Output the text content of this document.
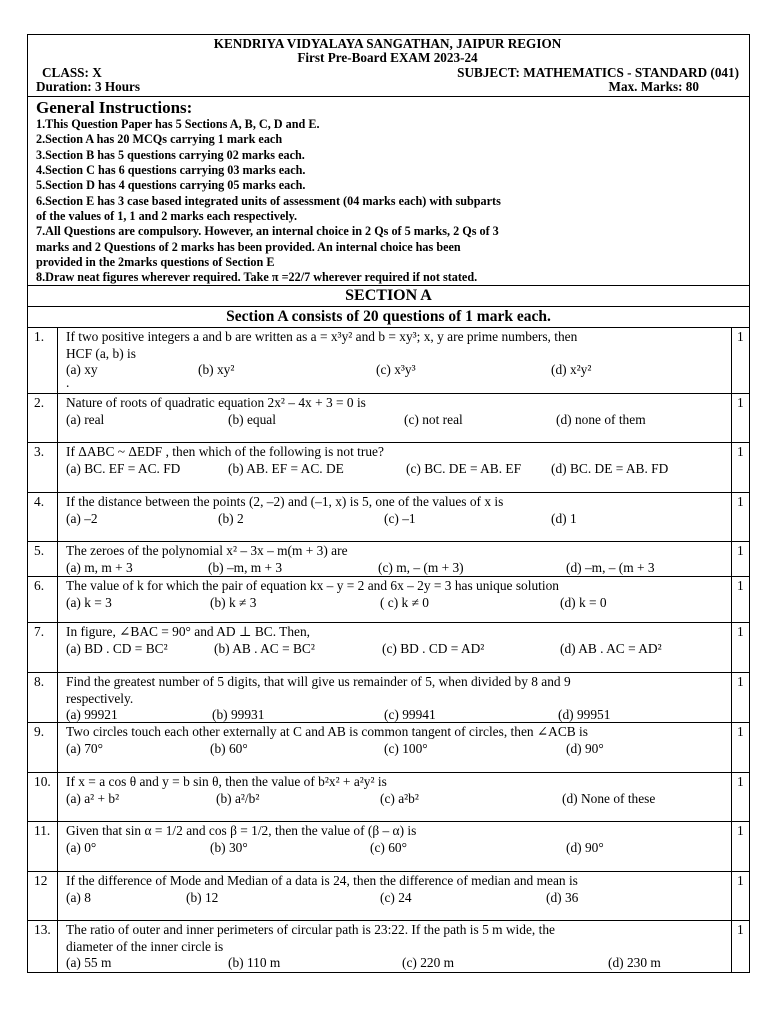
KENDRIYA VIDYALAYA SANGATHAN, JAIPUR REGION
First Pre-Board EXAM 2023-24
CLASS: X	SUBJECT: MATHEMATICS - STANDARD (041)
Duration: 3 Hours	Max. Marks: 80
General Instructions:
1.This Question Paper has 5 Sections A, B, C, D and E.
2.Section A has 20 MCQs carrying 1 mark each
3.Section B has 5 questions carrying 02 marks each.
4.Section C has 6 questions carrying 03 marks each.
5.Section D has 4 questions carrying 05 marks each.
6.Section E has 3 case based integrated units of assessment (04 marks each) with subparts
of the values of 1, 1 and 2 marks each respectively.
7.All Questions are compulsory. However, an internal choice in 2 Qs of 5 marks, 2 Qs of 3
marks and 2 Questions of 2 marks has been provided. An internal choice has been
provided in the 2marks questions of Section E
8.Draw neat figures wherever required. Take π =22/7 wherever required if not stated.
SECTION A
Section A consists of 20 questions of 1 mark each.
1.	If two positive integers a and b are written as a = x³y² and b = xy³; x, y are prime numbers, then
HCF (a, b) is
(a) xy	(b) xy²	(c) x³y³	(d) x²y²
.
1
2.	Nature of roots of quadratic equation 2x² – 4x + 3 = 0 is
(a) real	(b) equal	(c) not real	(d) none of them
1
3.	If ΔABC ~ ΔEDF , then which of the following is not true?
(a) BC. EF = AC. FD	(b) AB. EF = AC. DE	(c) BC. DE = AB. EF (d) BC. DE = AB. FD
1
4.	If the distance between the points (2, –2) and (–1, x) is 5, one of the values of x is
(a) –2	(b) 2	(c) –1	(d) 1
1
5.	The zeroes of the polynomial x² – 3x – m(m + 3) are
(a) m, m + 3	(b) –m, m + 3	(c) m, – (m + 3)	(d) –m, – (m + 3
1
6.	The value of k for which the pair of equation kx – y = 2 and 6x – 2y = 3 has unique solution
(a) k = 3	(b) k ≠ 3	( c) k ≠ 0	(d) k = 0
1
7.	In figure, ∠BAC = 90° and AD ⊥ BC. Then,
(a) BD . CD = BC²	(b) AB . AC = BC²	(c) BD . CD = AD²	(d) AB . AC = AD²
1
8.	Find the greatest number of 5 digits, that will give us remainder of 5, when divided by 8 and 9
respectively.
(a) 99921	(b) 99931	(c) 99941	(d) 99951
1
9.	Two circles touch each other externally at C and AB is common tangent of circles, then ∠ACB is
(a) 70°	(b) 60°	(c) 100°	(d) 90°
1
10.	If x = a cos θ and y = b sin θ, then the value of b²x² + a²y² is
(a) a² + b²	(b) a²/b²	(c) a²b²	(d) None of these
1
11.	Given that sin α = 1/2 and cos β = 1/2, then the value of (β – α) is
(a) 0°	(b) 30°	(c) 60°	(d) 90°
1
12	If the difference of Mode and Median of a data is 24, then the difference of median and mean is
(a) 8	(b) 12	(c) 24	(d) 36
1
13.	The ratio of outer and inner perimeters of circular path is 23:22. If the path is 5 m wide, the
diameter of the inner circle is
(a) 55 m	(b) 110 m	(c) 220 m	(d) 230 m
1
